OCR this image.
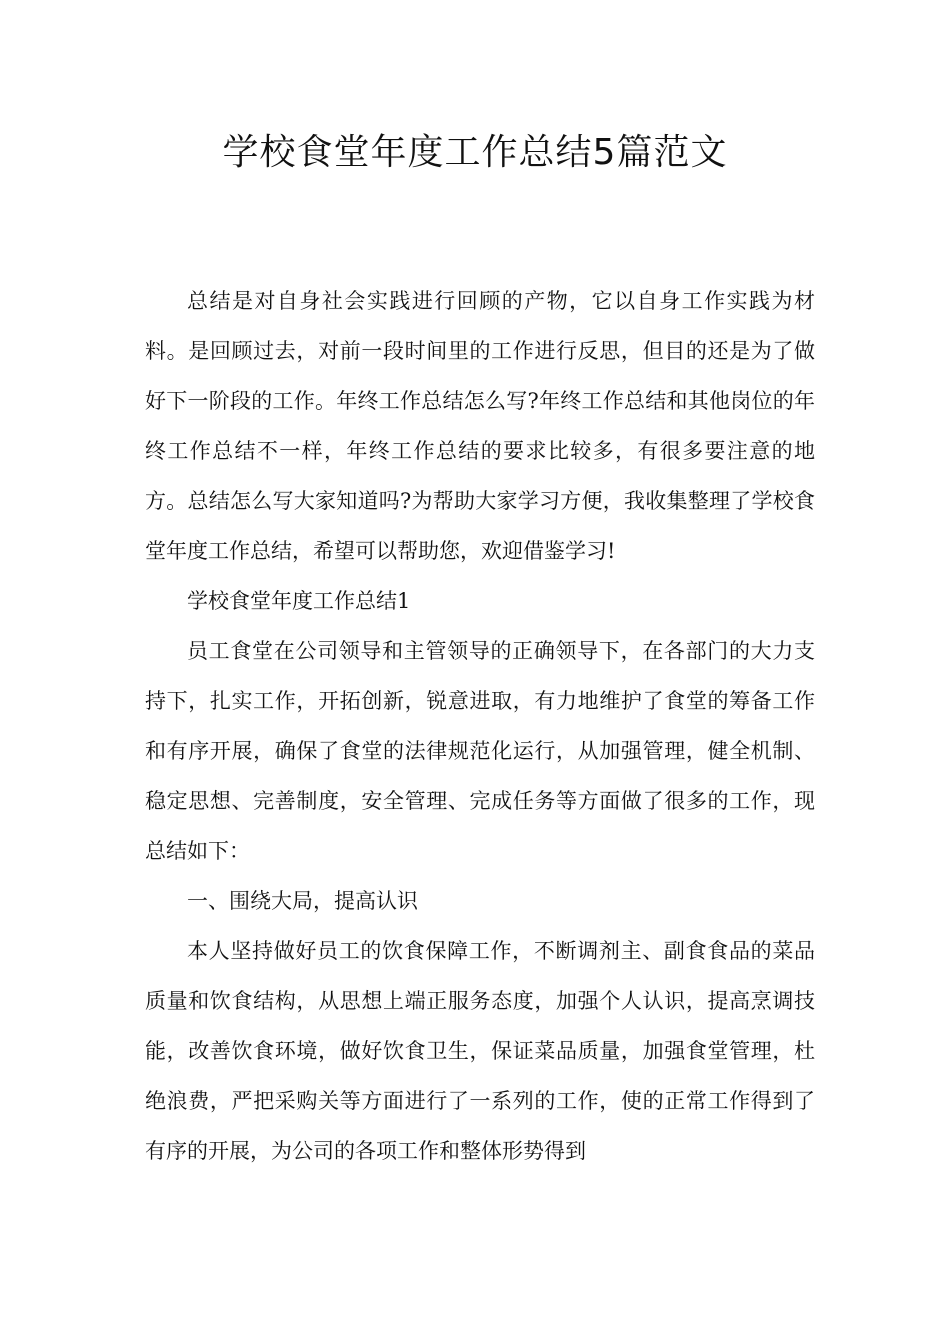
学校食堂年度工作总结5篇范文

总结是对自身社会实践进行回顾的产物，它以自身工作实践为材料。是回顾过去，对前一段时间里的工作进行反思，但目的还是为了做好下一阶段的工作。年终工作总结怎么写?年终工作总结和其他岗位的年终工作总结不一样，年终工作总结的要求比较多，有很多要注意的地方。总结怎么写大家知道吗?为帮助大家学习方便，我收集整理了学校食堂年度工作总结，希望可以帮助您，欢迎借鉴学习!

学校食堂年度工作总结1

员工食堂在公司领导和主管领导的正确领导下，在各部门的大力支持下，扎实工作，开拓创新，锐意进取，有力地维护了食堂的筹备工作和有序开展，确保了食堂的法律规范化运行，从加强管理，健全机制、稳定思想、完善制度，安全管理、完成任务等方面做了很多的工作，现总结如下：

一、围绕大局，提高认识

本人坚持做好员工的饮食保障工作，不断调剂主、副食食品的菜品质量和饮食结构，从思想上端正服务态度，加强个人认识，提高烹调技能，改善饮食环境，做好饮食卫生，保证菜品质量，加强食堂管理，杜绝浪费，严把采购关等方面进行了一系列的工作，使的正常工作得到了有序的开展，为公司的各项工作和整体形势得到
